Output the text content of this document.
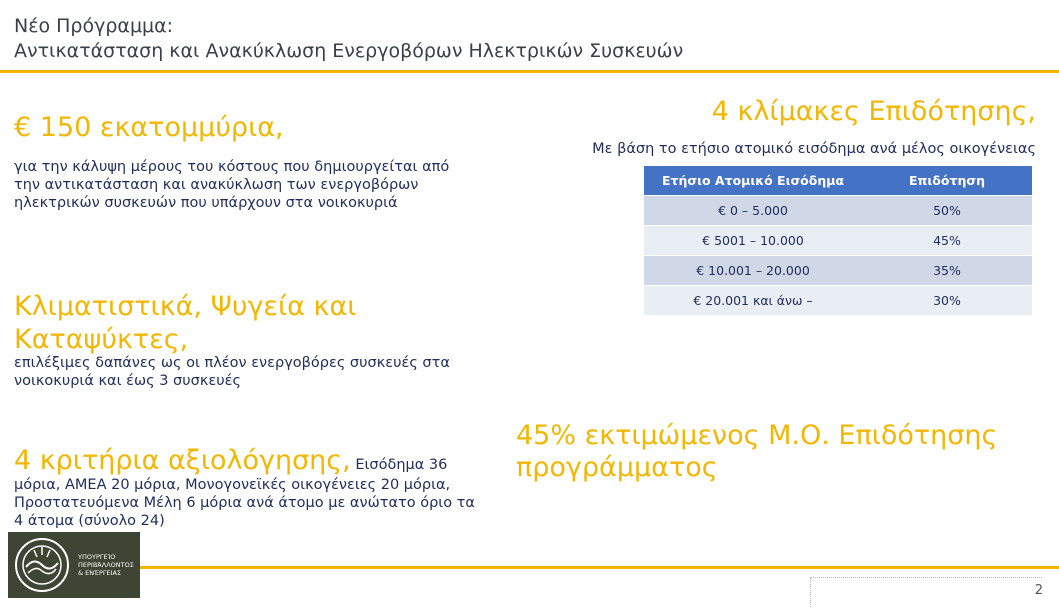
Νέο Πρόγραμμα:
Αντικατάσταση και Ανακύκλωση Ενεργοβόρων Ηλεκτρικών Συσκευών
€ 150 εκατομμύρια,
για την κάλυψη μέρους του κόστους που δημιουργείται από την αντικατάσταση και ανακύκλωση των ενεργοβόρων ηλεκτρικών συσκευών που υπάρχουν στα νοικοκυριά
Κλιματιστικά, Ψυγεία και Καταψύκτες,
επιλέξιμες δαπάνες ως οι πλέον ενεργοβόρες συσκευές στα νοικοκυριά και έως 3 συσκευές
4 κριτήρια αξιολόγησης, Εισόδημα 36 μόρια, ΑΜΕΑ 20 μόρια, Μονογονεϊκές οικογένειες 20 μόρια, Προστατευόμενα Μέλη 6 μόρια ανά άτομο με ανώτατο όριο τα 4 άτομα (σύνολο 24)
4 κλίμακες Επιδότησης,
Με βάση το ετήσιο ατομικό εισόδημα ανά μέλος οικογένειας
Ετήσιο Ατομικό Εισόδημα	Επιδότηση
€ 0 – 5.000	50%
€ 5001 – 10.000	45%
€ 10.001 – 20.000	35%
€ 20.001 και άνω –	30%
45% εκτιμώμενος Μ.Ο. Επιδότησης προγράμματος
ΥΠΟΥΡΓΕΊΟ
ΠΕΡΙΒΆΛΛΟΝΤΟΣ
& ΕΝΈΡΓΕΙΑΣ
2
